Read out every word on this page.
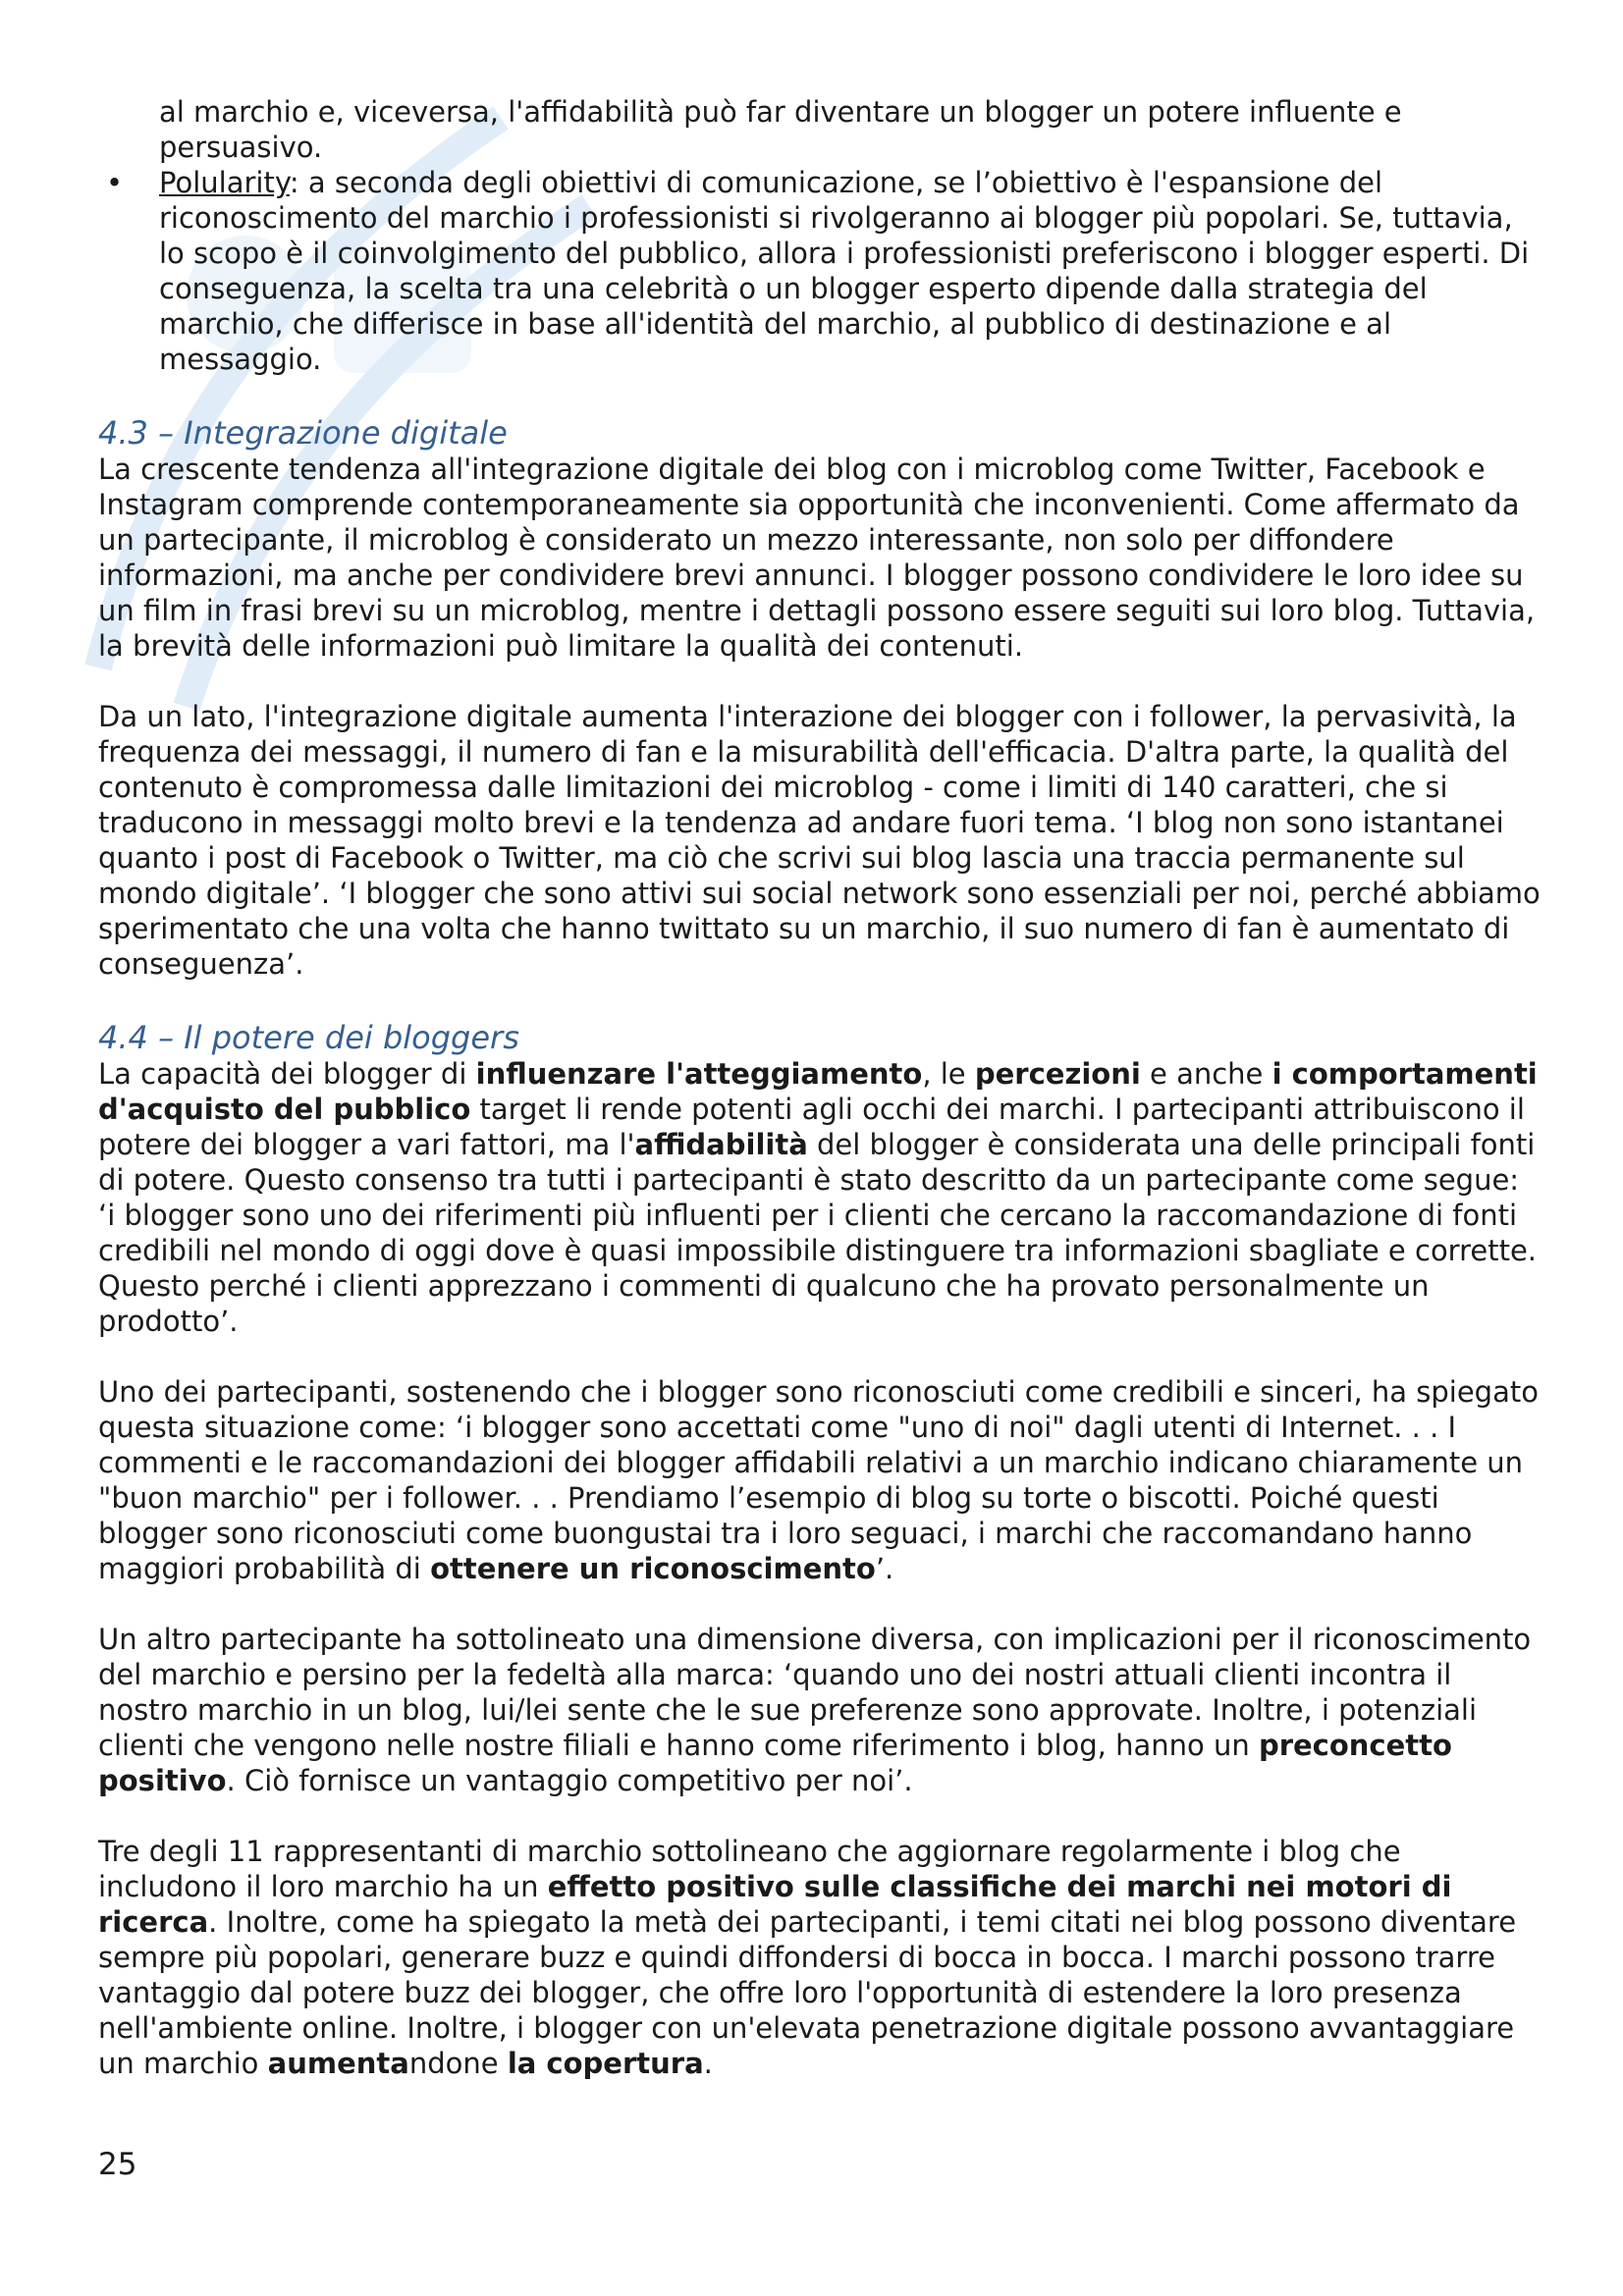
al marchio e, viceversa, l'affidabilità può far diventare un blogger un potere influente e persuasivo.

• Polularity: a seconda degli obiettivi di comunicazione, se l’obiettivo è l'espansione del riconoscimento del marchio i professionisti si rivolgeranno ai blogger più popolari. Se, tuttavia, lo scopo è il coinvolgimento del pubblico, allora i professionisti preferiscono i blogger esperti. Di conseguenza, la scelta tra una celebrità o un blogger esperto dipende dalla strategia del marchio, che differisce in base all'identità del marchio, al pubblico di destinazione e al messaggio.

4.3 – Integrazione digitale

La crescente tendenza all'integrazione digitale dei blog con i microblog come Twitter, Facebook e Instagram comprende contemporaneamente sia opportunità che inconvenienti. Come affermato da un partecipante, il microblog è considerato un mezzo interessante, non solo per diffondere informazioni, ma anche per condividere brevi annunci. I blogger possono condividere le loro idee su un film in frasi brevi su un microblog, mentre i dettagli possono essere seguiti sui loro blog. Tuttavia, la brevità delle informazioni può limitare la qualità dei contenuti.

Da un lato, l'integrazione digitale aumenta l'interazione dei blogger con i follower, la pervasività, la frequenza dei messaggi, il numero di fan e la misurabilità dell'efficacia. D'altra parte, la qualità del contenuto è compromessa dalle limitazioni dei microblog - come i limiti di 140 caratteri, che si traducono in messaggi molto brevi e la tendenza ad andare fuori tema. ‘I blog non sono istantanei quanto i post di Facebook o Twitter, ma ciò che scrivi sui blog lascia una traccia permanente sul mondo digitale’. ‘I blogger che sono attivi sui social network sono essenziali per noi, perché abbiamo sperimentato che una volta che hanno twittato su un marchio, il suo numero di fan è aumentato di conseguenza’.

4.4 – Il potere dei bloggers

La capacità dei blogger di influenzare l'atteggiamento, le percezioni e anche i comportamenti d'acquisto del pubblico target li rende potenti agli occhi dei marchi. I partecipanti attribuiscono il potere dei blogger a vari fattori, ma l'affidabilità del blogger è considerata una delle principali fonti di potere. Questo consenso tra tutti i partecipanti è stato descritto da un partecipante come segue: ‘i blogger sono uno dei riferimenti più influenti per i clienti che cercano la raccomandazione di fonti credibili nel mondo di oggi dove è quasi impossibile distinguere tra informazioni sbagliate e corrette. Questo perché i clienti apprezzano i commenti di qualcuno che ha provato personalmente un prodotto’.

Uno dei partecipanti, sostenendo che i blogger sono riconosciuti come credibili e sinceri, ha spiegato questa situazione come: ‘i blogger sono accettati come "uno di noi" dagli utenti di Internet. . . I commenti e le raccomandazioni dei blogger affidabili relativi a un marchio indicano chiaramente un "buon marchio" per i follower. . . Prendiamo l’esempio di blog su torte o biscotti. Poiché questi blogger sono riconosciuti come buongustai tra i loro seguaci, i marchi che raccomandano hanno maggiori probabilità di ottenere un riconoscimento’.

Un altro partecipante ha sottolineato una dimensione diversa, con implicazioni per il riconoscimento del marchio e persino per la fedeltà alla marca: ‘quando uno dei nostri attuali clienti incontra il nostro marchio in un blog, lui/lei sente che le sue preferenze sono approvate. Inoltre, i potenziali clienti che vengono nelle nostre filiali e hanno come riferimento i blog, hanno un preconcetto positivo. Ciò fornisce un vantaggio competitivo per noi’.

Tre degli 11 rappresentanti di marchio sottolineano che aggiornare regolarmente i blog che includono il loro marchio ha un effetto positivo sulle classifiche dei marchi nei motori di ricerca. Inoltre, come ha spiegato la metà dei partecipanti, i temi citati nei blog possono diventare sempre più popolari, generare buzz e quindi diffondersi di bocca in bocca. I marchi possono trarre vantaggio dal potere buzz dei blogger, che offre loro l'opportunità di estendere la loro presenza nell'ambiente online. Inoltre, i blogger con un'elevata penetrazione digitale possono avvantaggiare un marchio aumentandone la copertura.

25
